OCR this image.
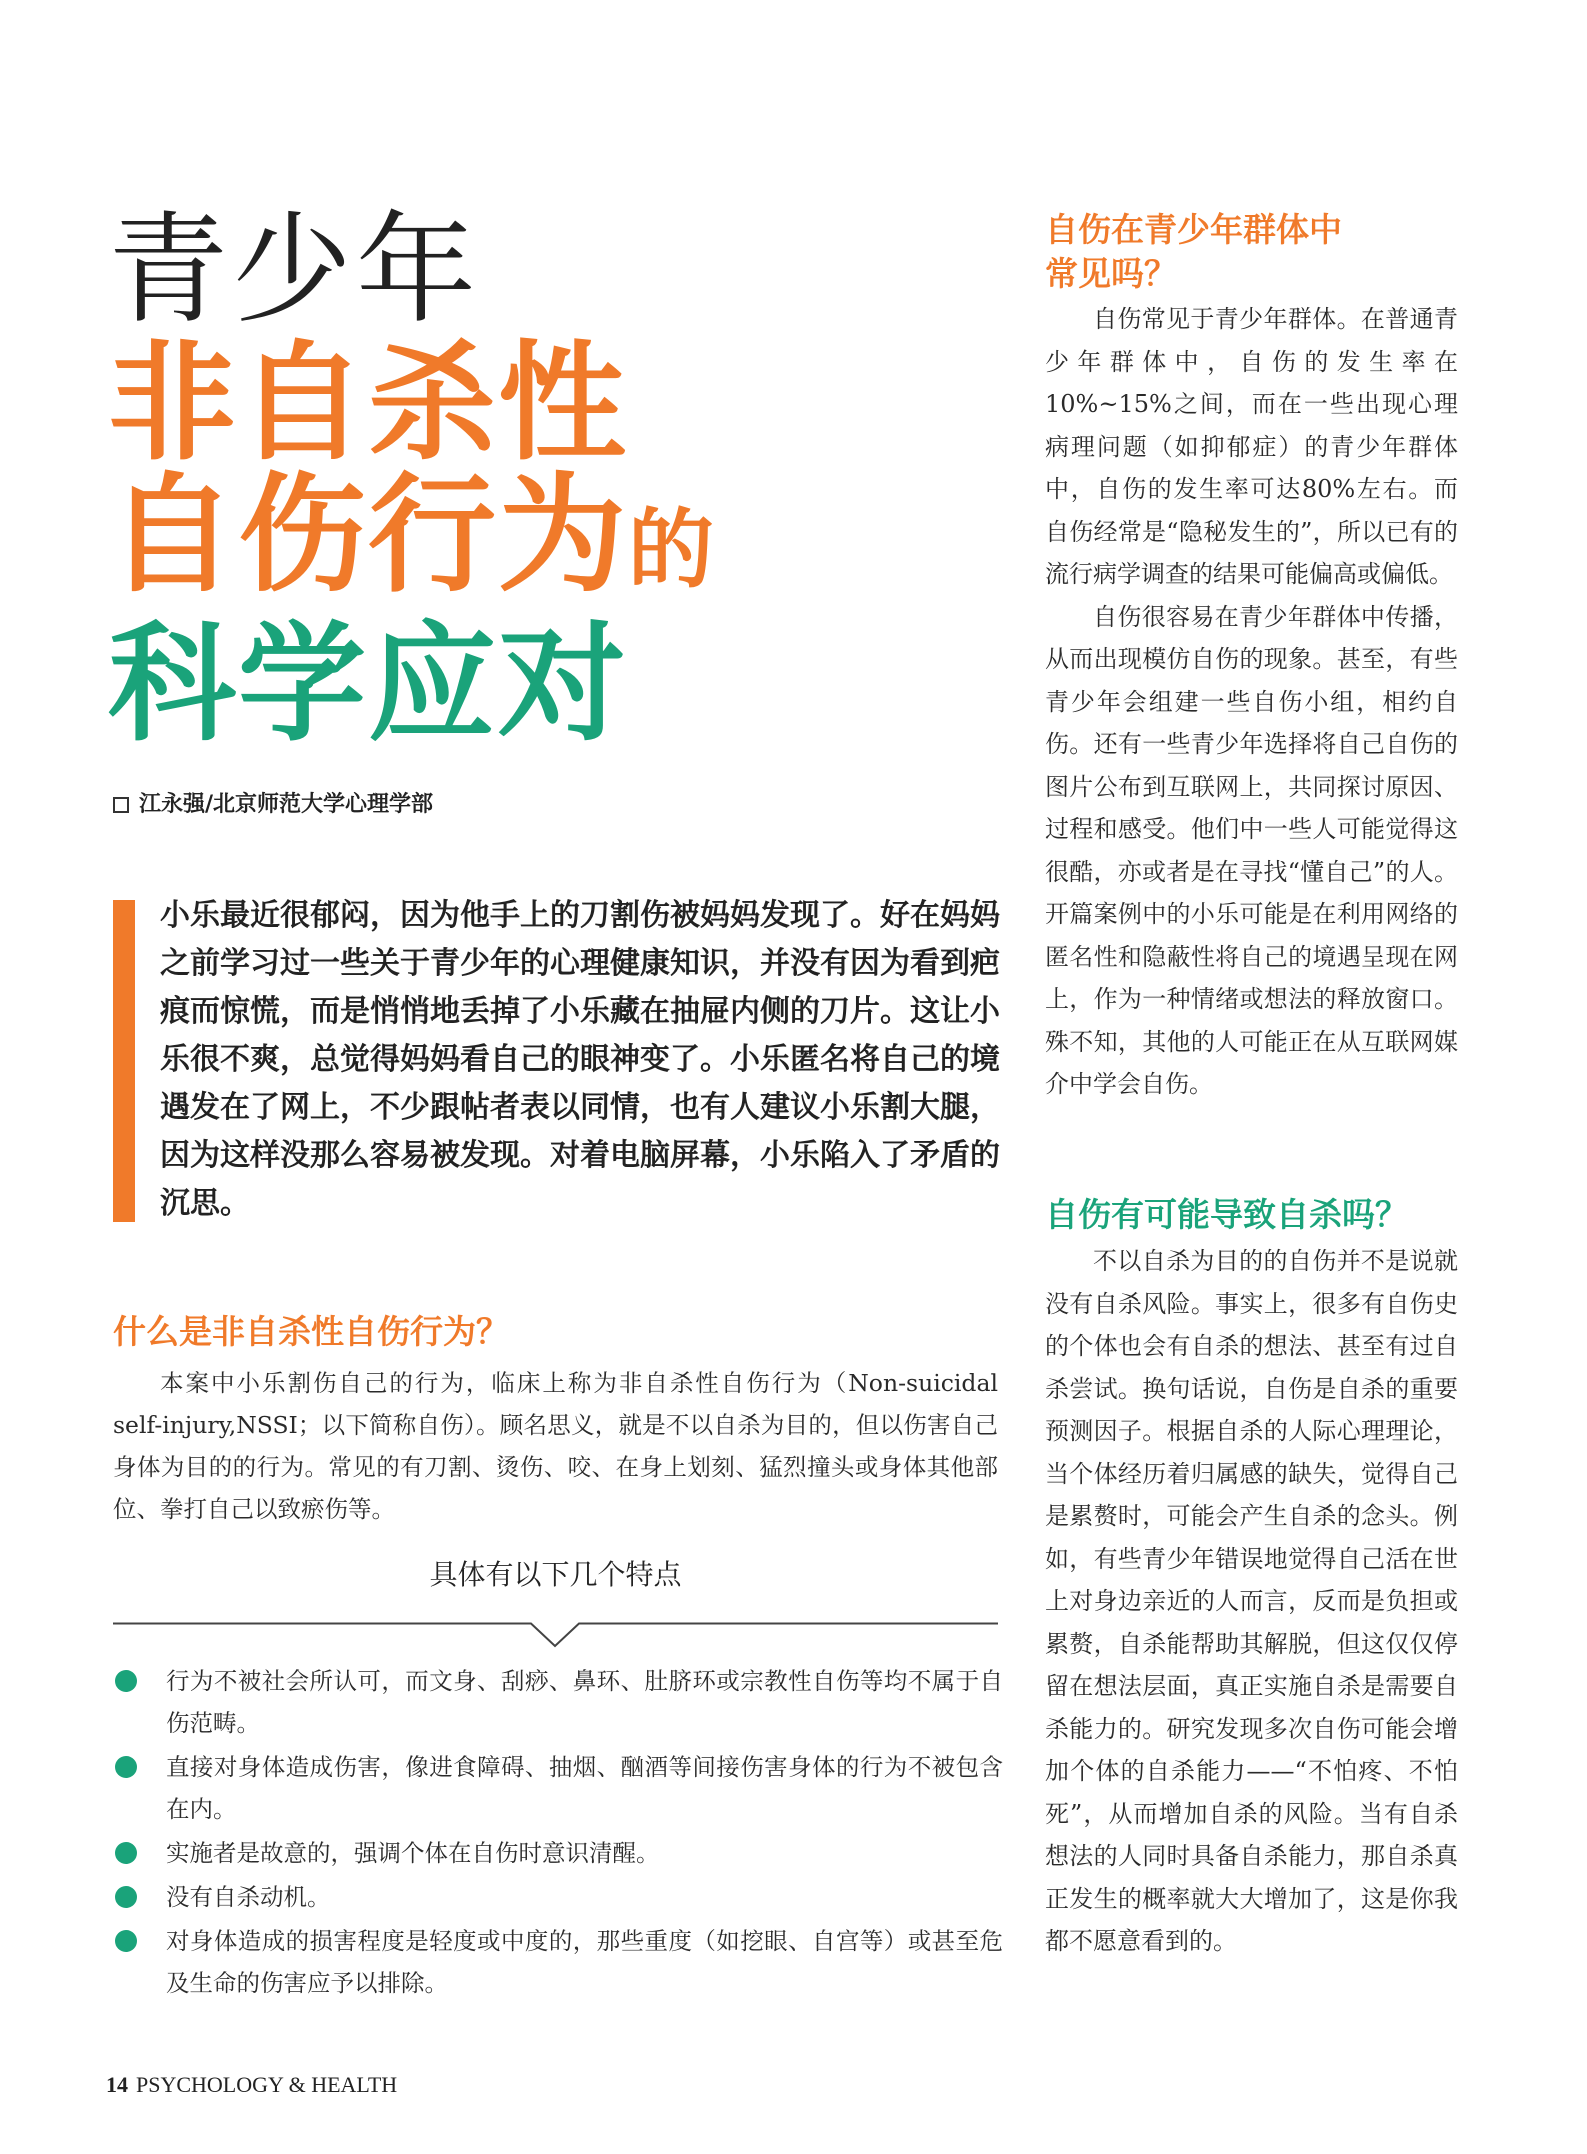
青少年
非自杀性
自伤行为的
科学应对
江永强/北京师范大学心理学部
小乐最近很郁闷，因为他手上的刀割伤被妈妈发现了。好在妈妈之前学习过一些关于青少年的心理健康知识，并没有因为看到疤痕而惊慌，而是悄悄地丢掉了小乐藏在抽屉内侧的刀片。这让小乐很不爽，总觉得妈妈看自己的眼神变了。小乐匿名将自己的境遇发在了网上，不少跟帖者表以同情，也有人建议小乐割大腿，因为这样没那么容易被发现。对着电脑屏幕，小乐陷入了矛盾的沉思。
什么是非自杀性自伤行为？

本案中小乐割伤自己的行为，临床上称为非自杀性自伤行为（Non-suicidal self-injury,NSSI；以下简称自伤）。顾名思义，就是不以自杀为目的，但以伤害自己身体为目的的行为。常见的有刀割、烫伤、咬、在身上划刻、猛烈撞头或身体其他部位、拳打自己以致瘀伤等。

具体有以下几个特点
行为不被社会所认可，而文身、刮痧、鼻环、肚脐环或宗教性自伤等均不属于自伤范畴。
直接对身体造成伤害，像进食障碍、抽烟、酗酒等间接伤害身体的行为不被包含在内。
实施者是故意的，强调个体在自伤时意识清醒。
没有自杀动机。
对身体造成的损害程度是轻度或中度的，那些重度（如挖眼、自宫等）或甚至危及生命的伤害应予以排除。
自伤在青少年群体中
常见吗？

自伤常见于青少年群体。在普通青少年群体中，自伤的发生率在10%~15%之间，而在一些出现心理病理问题（如抑郁症）的青少年群体中，自伤的发生率可达80%左右。而自伤经常是“隐秘发生的”，所以已有的流行病学调查的结果可能偏高或偏低。

自伤很容易在青少年群体中传播，从而出现模仿自伤的现象。甚至，有些青少年会组建一些自伤小组，相约自伤。还有一些青少年选择将自己自伤的图片公布到互联网上，共同探讨原因、过程和感受。他们中一些人可能觉得这很酷，亦或者是在寻找“懂自己”的人。开篇案例中的小乐可能是在利用网络的匿名性和隐蔽性将自己的境遇呈现在网上，作为一种情绪或想法的释放窗口。殊不知，其他的人可能正在从互联网媒介中学会自伤。

自伤有可能导致自杀吗？

不以自杀为目的的自伤并不是说就没有自杀风险。事实上，很多有自伤史的个体也会有自杀的想法、甚至有过自杀尝试。换句话说，自伤是自杀的重要预测因子。根据自杀的人际心理理论，当个体经历着归属感的缺失，觉得自己是累赘时，可能会产生自杀的念头。例如，有些青少年错误地觉得自己活在世上对身边亲近的人而言，反而是负担或累赘，自杀能帮助其解脱，但这仅仅停留在想法层面，真正实施自杀是需要自杀能力的。研究发现多次自伤可能会增加个体的自杀能力——“不怕疼、不怕死”，从而增加自杀的风险。当有自杀想法的人同时具备自杀能力，那自杀真正发生的概率就大大增加了，这是你我都不愿意看到的。

14 PSYCHOLOGY & HEALTH
